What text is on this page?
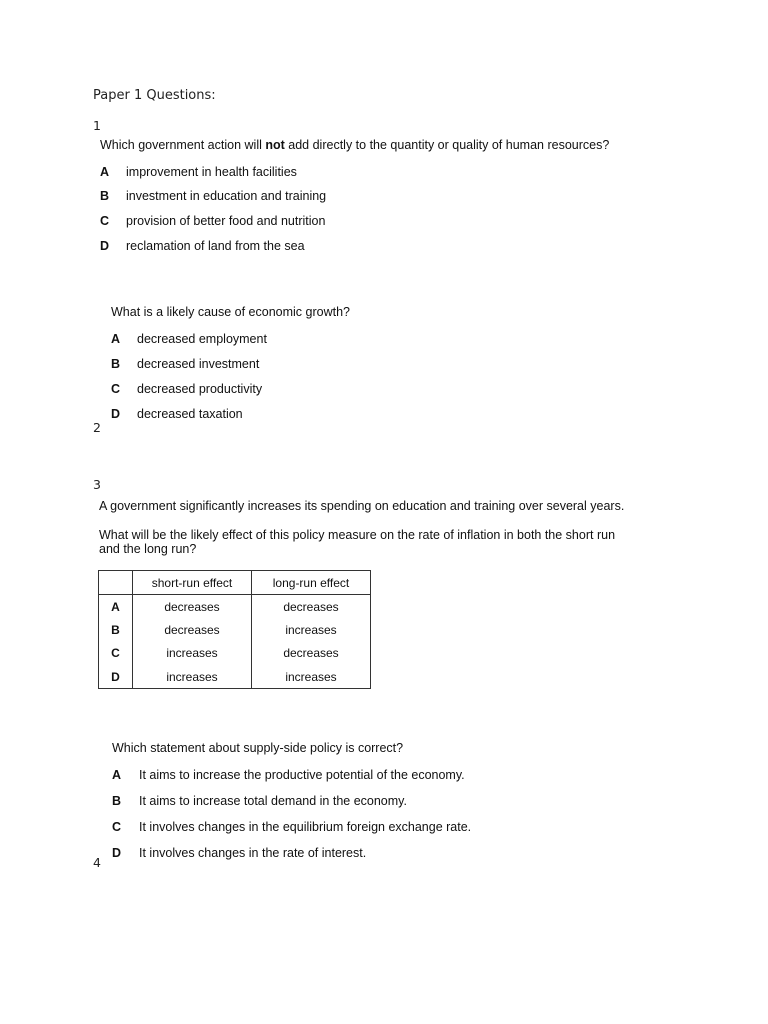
Paper 1 Questions:
1
Which government action will not add directly to the quantity or quality of human resources?
A	improvement in health facilities
B	investment in education and training
C	provision of better food and nutrition
D	reclamation of land from the sea
What is a likely cause of economic growth?
A	decreased employment
B	decreased investment
C	decreased productivity
D	decreased taxation
2
3
A government significantly increases its spending on education and training over several years.
What will be the likely effect of this policy measure on the rate of inflation in both the short run
and the long run?
	short-run effect	long-run effect
A	decreases	decreases
B	decreases	increases
C	increases	decreases
D	increases	increases
Which statement about supply-side policy is correct?
A	It aims to increase the productive potential of the economy.
B	It aims to increase total demand in the economy.
C	It involves changes in the equilibrium foreign exchange rate.
D	It involves changes in the rate of interest.
4
